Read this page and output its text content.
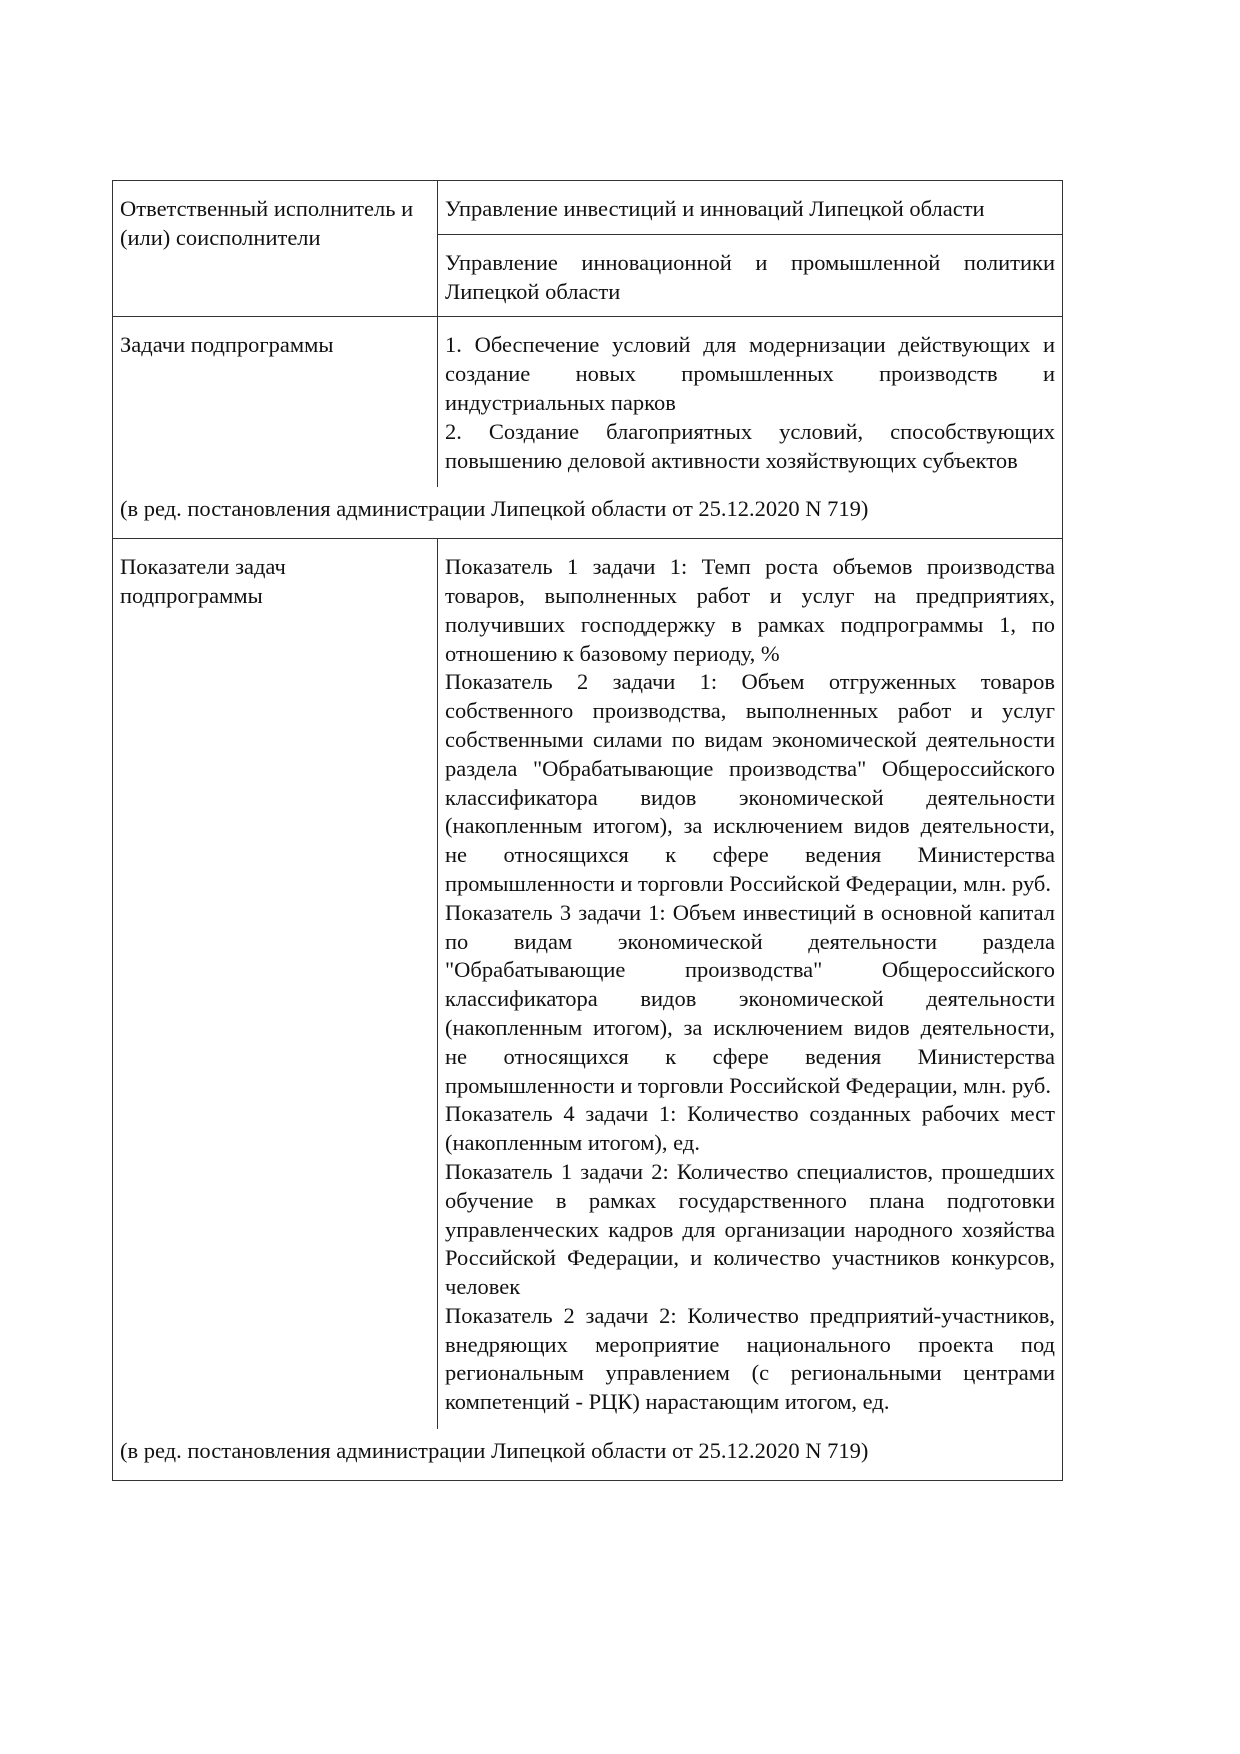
Ответственный исполнитель и (или) соисполнители
Управление инвестиций и инноваций Липецкой области
Управление инновационной и промышленной политики Липецкой области
Задачи подпрограммы	1. Обеспечение условий для модернизации действующих и создание новых промышленных производств и индустриальных парков

2. Создание благоприятных условий, способствующих повышению деловой активности хозяйствующих субъектов

(в ред. постановления администрации Липецкой области от 25.12.2020 N 719)
Показатели задач подпрограммы

Показатель 1 задачи 1: Темп роста объемов производства товаров, выполненных работ и услуг на предприятиях, получивших господдержку в рамках подпрограммы 1, по отношению к базовому периоду, %

Показатель 2 задачи 1: Объем отгруженных товаров собственного производства, выполненных работ и услуг собственными силами по видам экономической деятельности раздела "Обрабатывающие производства" Общероссийского классификатора видов экономической деятельности (накопленным итогом), за исключением видов деятельности, не относящихся к сфере ведения Министерства промышленности и торговли Российской Федерации, млн. руб.

Показатель 3 задачи 1: Объем инвестиций в основной капитал по видам экономической деятельности раздела "Обрабатывающие производства" Общероссийского классификатора видов экономической деятельности (накопленным итогом), за исключением видов деятельности, не относящихся к сфере ведения Министерства промышленности и торговли Российской Федерации, млн. руб.

Показатель 4 задачи 1: Количество созданных рабочих мест (накопленным итогом), ед.

Показатель 1 задачи 2: Количество специалистов, прошедших обучение в рамках государственного плана подготовки управленческих кадров для организации народного хозяйства Российской Федерации, и количество участников конкурсов, человек

Показатель 2 задачи 2: Количество предприятий-участников, внедряющих мероприятие национального проекта под региональным управлением (с региональными центрами компетенций - РЦК) нарастающим итогом, ед.

(в ред. постановления администрации Липецкой области от 25.12.2020 N 719)
